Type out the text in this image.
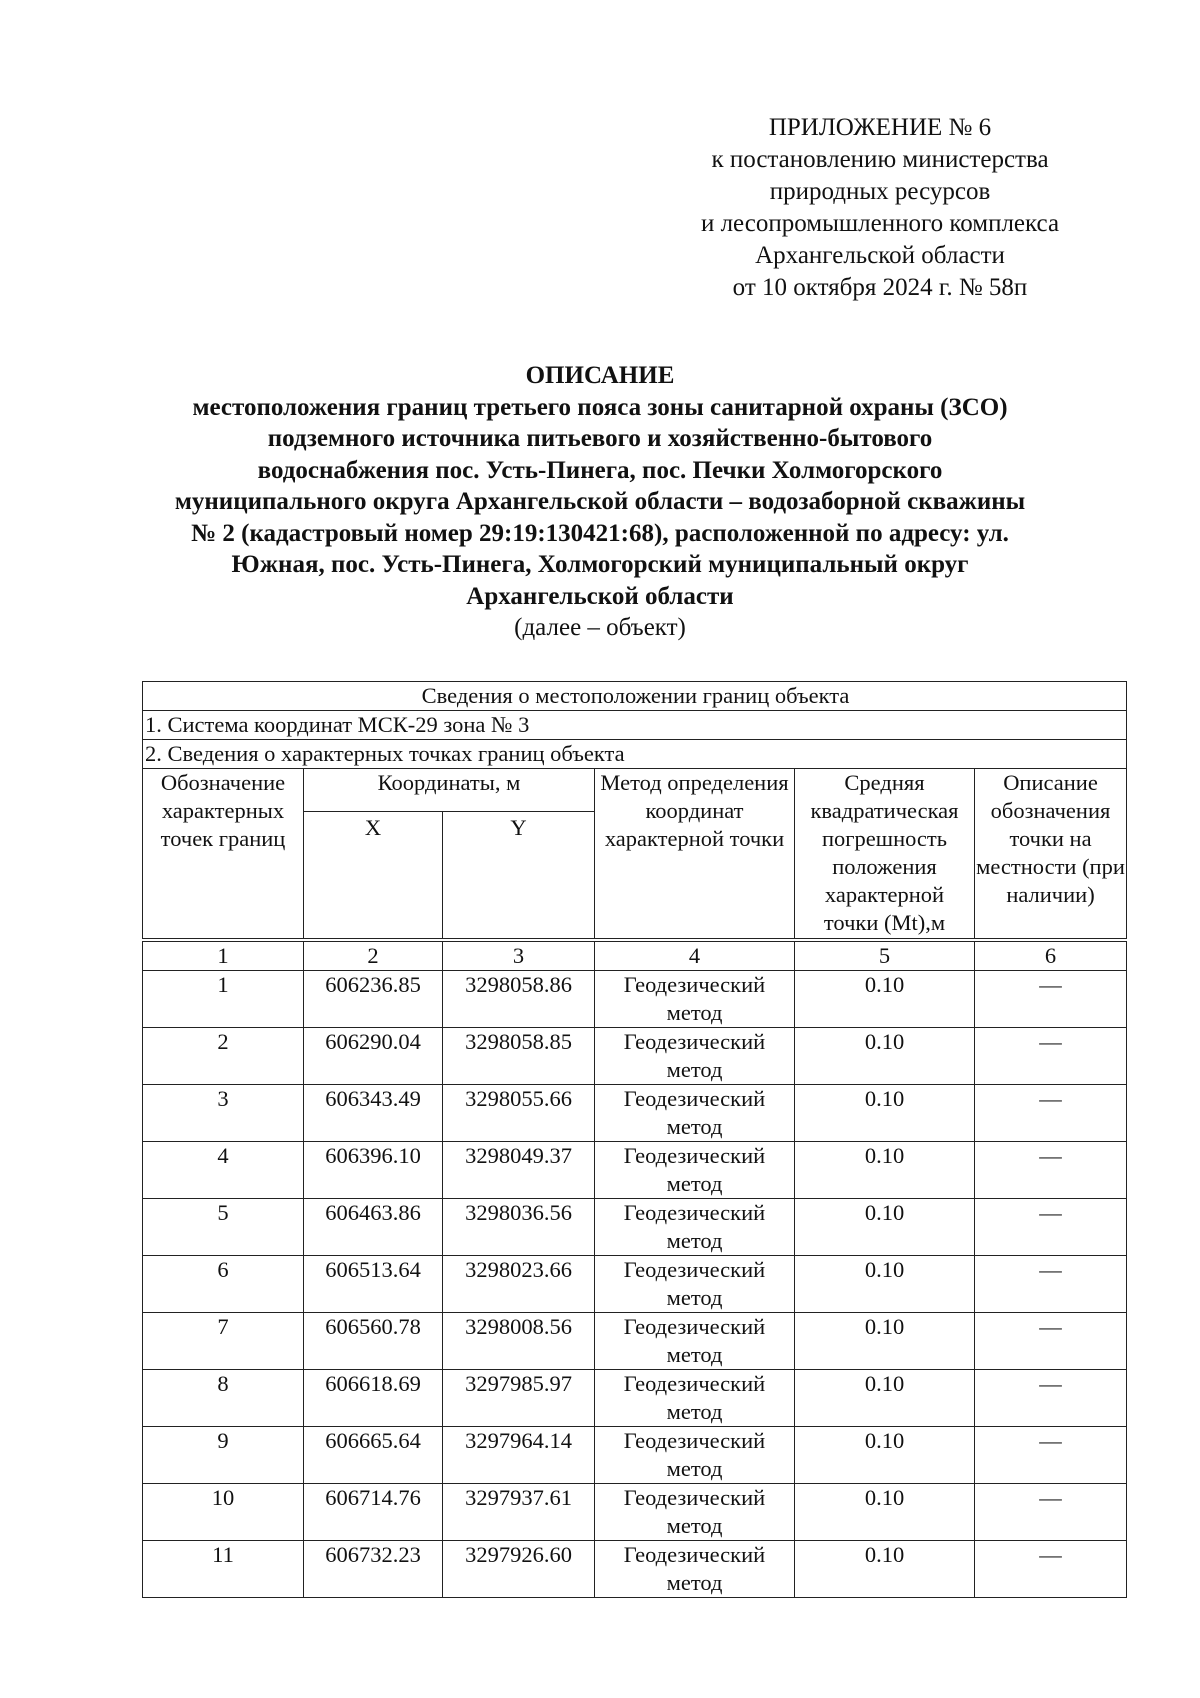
ПРИЛОЖЕНИЕ № 6
к постановлению министерства
природных ресурсов
и лесопромышленного комплекса
Архангельской области
от 10 октября 2024 г. № 58п
ОПИСАНИЕ
местоположения границ третьего пояса зоны санитарной охраны (ЗСО)
подземного источника питьевого и хозяйственно-бытового
водоснабжения пос. Усть-Пинега, пос. Печки Холмогорского
муниципального округа Архангельской области – водозаборной скважины
№ 2 (кадастровый номер 29:19:130421:68), расположенной по адресу: ул.
Южная, пос. Усть-Пинега, Холмогорский муниципальный округ
Архангельской области
(далее – объект)
Сведения о местоположении границ объекта					
1. Система координат МСК-29 зона № 3					
2. Сведения о характерных точках границ объекта					
Обозначение характерных точек границ	Координаты, м		Метод определения координат характерной точки	Средняя квадратическая погрешность положения характерной точки (Mt),м	Описание обозначения точки на местности (при наличии)
	X	Y			
1	2	3	4	5	6
1	606236.85	3298058.86	Геодезический метод	0.10	—
2	606290.04	3298058.85	Геодезический метод	0.10	—
3	606343.49	3298055.66	Геодезический метод	0.10	—
4	606396.10	3298049.37	Геодезический метод	0.10	—
5	606463.86	3298036.56	Геодезический метод	0.10	—
6	606513.64	3298023.66	Геодезический метод	0.10	—
7	606560.78	3298008.56	Геодезический метод	0.10	—
8	606618.69	3297985.97	Геодезический метод	0.10	—
9	606665.64	3297964.14	Геодезический метод	0.10	—
10	606714.76	3297937.61	Геодезический метод	0.10	—
11	606732.23	3297926.60	Геодезический метод	0.10	—
